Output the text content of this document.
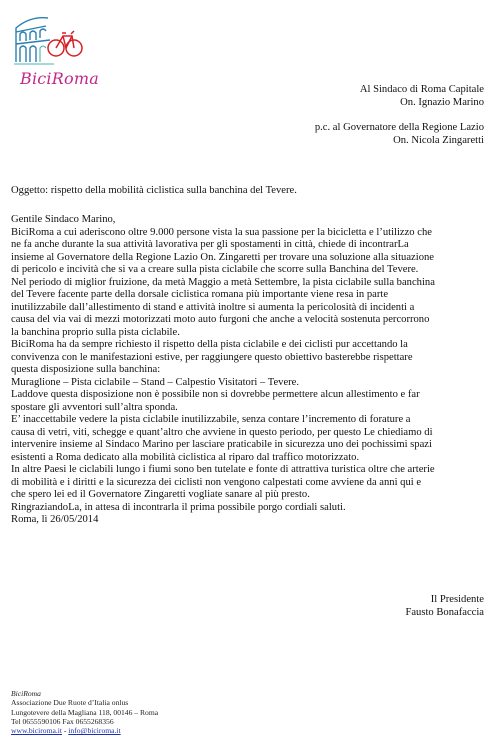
BiciRoma
Al Sindaco di Roma Capitale
On. Ignazio Marino
p.c. al Governatore della Regione Lazio
On. Nicola Zingaretti
Oggetto: rispetto della mobilità ciclistica sulla banchina del Tevere.

Gentile Sindaco Marino,

BiciRoma a cui aderiscono oltre 9.000 persone vista la sua passione per la bicicletta e l’utilizzo che

ne fa anche durante la sua attività lavorativa per gli spostamenti in città, chiede di incontrarLa

insieme al Governatore della Regione Lazio On. Zingaretti per trovare una soluzione alla situazione

di pericolo e incività che si va a creare sulla pista ciclabile che scorre sulla Banchina del Tevere.

Nel periodo di miglior fruizione, da metà Maggio a metà Settembre, la pista ciclabile sulla banchina

del Tevere facente parte della dorsale ciclistica romana più importante viene resa in parte

inutilizzabile dall’allestimento di stand e attività inoltre si aumenta la pericolosità di incidenti a

causa del via vai di mezzi motorizzati moto auto furgoni che anche a velocità sostenuta percorrono

la banchina proprio sulla pista ciclabile.

BiciRoma ha da sempre richiesto il rispetto della pista ciclabile e dei ciclisti pur accettando la

convivenza con le manifestazioni estive, per raggiungere questo obiettivo basterebbe rispettare

questa disposizione sulla banchina:

Muraglione – Pista ciclabile – Stand – Calpestio Visitatori – Tevere.

Laddove questa disposizione non è possibile non si dovrebbe permettere alcun allestimento e far

spostare gli avventori sull’altra sponda.

E’ inaccettabile vedere la pista ciclabile inutilizzabile, senza contare l’incremento di forature a

causa di vetri, viti, schegge e quant’altro che avviene in questo periodo, per questo Le chiediamo di

intervenire insieme al Sindaco Marino per lasciare praticabile in sicurezza uno dei pochissimi spazi

esistenti a Roma dedicato alla mobilità ciclistica al riparo dal traffico motorizzato.

In altre Paesi le ciclabili lungo i fiumi sono ben tutelate e fonte di attrattiva turistica oltre che arterie

di mobilità e i diritti e la sicurezza dei ciclisti non vengono calpestati come avviene da anni qui e

che spero lei ed il Governatore Zingaretti vogliate sanare al più presto.

RingraziandoLa, in attesa di incontrarla il prima possibile porgo cordiali saluti.

Roma, lì 26/05/2014

Il Presidente
Fausto Bonafaccia
BiciRoma
Associazione Due Ruote d’Italia onlus
Lungotevere della Magliana 118, 00146 – Roma
Tel 0655590106 Fax 0655268356
www.biciroma.it - info@biciroma.it
